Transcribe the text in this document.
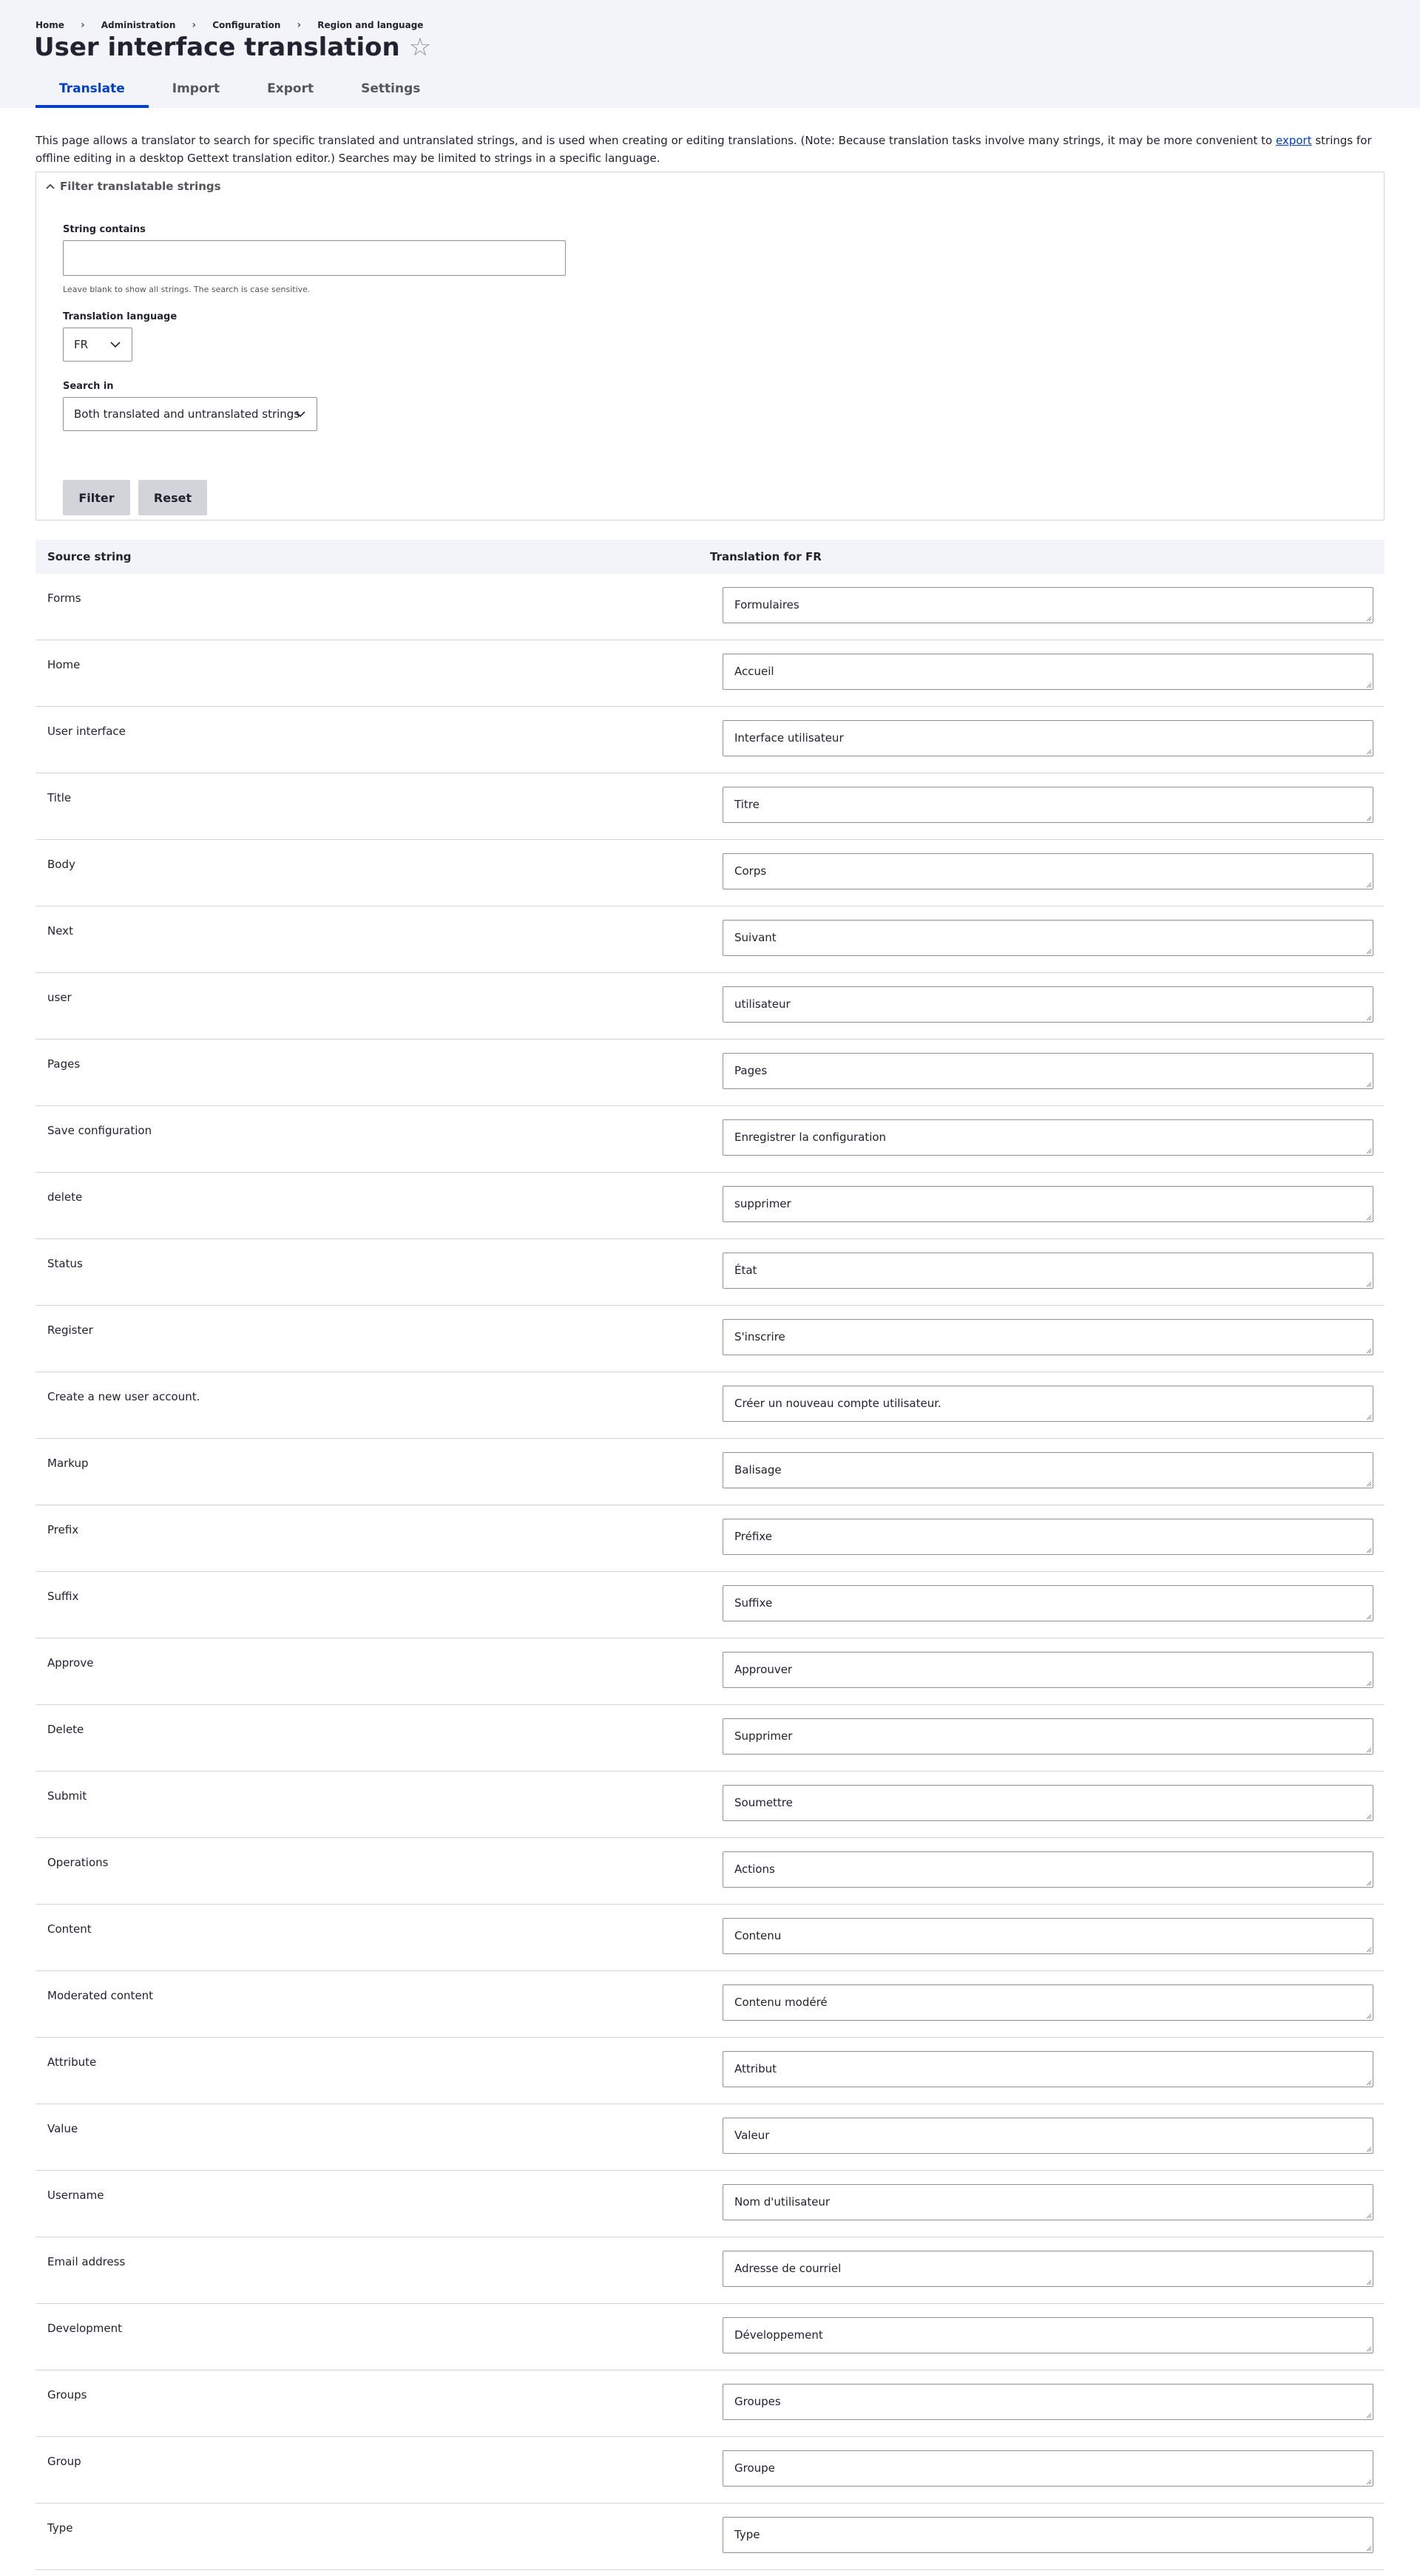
Home › Administration › Configuration › Region and language
User interface translation ☆
Translate	Import	Export	Settings

This page allows a translator to search for specific translated and untranslated strings, and is used when creating or editing translations. (Note: Because translation tasks involve many strings, it may be more convenient to export strings for offline editing in a desktop Gettext translation editor.) Searches may be limited to strings in a specific language.

Filter translatable strings
String contains
Leave blank to show all strings. The search is case sensitive.
Translation language
FR
Search in
Both translated and untranslated strings
Filter	Reset
Source string	Translation for FR
Forms	Formulaires
Home	Accueil
User interface	Interface utilisateur
Title	Titre
Body	Corps
Next	Suivant
user	utilisateur
Pages	Pages
Save configuration	Enregistrer la configuration
delete	supprimer
Status	État
Register	S'inscrire
Create a new user account.	Créer un nouveau compte utilisateur.
Markup	Balisage
Prefix	Préfixe
Suffix	Suffixe
Approve	Approuver
Delete	Supprimer
Submit	Soumettre
Operations	Actions
Content	Contenu
Moderated content	Contenu modéré
Attribute	Attribut
Value	Valeur
Username	Nom d'utilisateur
Email address	Adresse de courriel
Development	Développement
Groups	Groupes
Group	Groupe
Type	Type
